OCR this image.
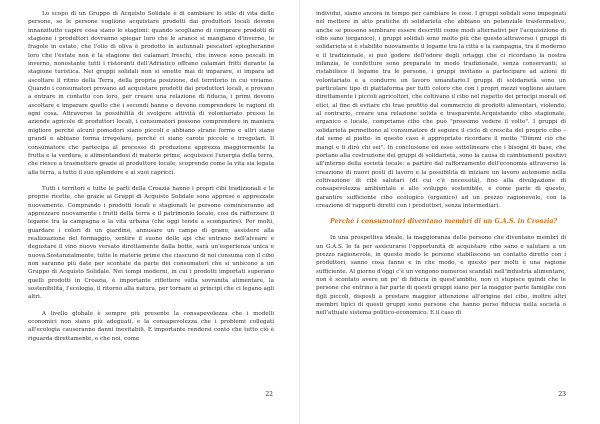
Lo scopo di un Gruppo di Acquisto Solidale è di cambiare lo stile di vita delle persone, se le persone vogliono acquistare prodotti dai produttori locali devono innanzitutto capire cosa siano le stagioni: quando scegliamo di comprare prodotti di stagione i produttori dovranno spiegar loro che le arance si mangiano d'inverno, le fragole in estate, che l'olio di oliva è prodotto in autunnali pescatori spiegheranno loro che l'estate non è la stagione dei calamari freschi, che invece sono pescati in inverno, nonostante tutti i ristoranti dell'Adriatico offrano calamari fritti durante la stagione turistica. Nei gruppi solidali non si smette mai di imparare, si impara ad ascoltare il ritmo della Terra, della propria posizione, del territorio in cui viviamo. Quando i consumatori provano ad acquistare prodotti dai produttori locali, e provano a entrare in contatto con loro, per creare una relazione di fiducia, i primi devono ascoltare e imparare quello che i secondi hanno e devono comprendere le ragioni di ogni cosa. Attraverso la possibilità di svolgere attività di volontariato presso le aziende agricole di produttori locali, i consumatori possono comprendere in maniera migliore perché alcuni pomodori siano piccoli e abbiano strane forme e altri siano grandi e abbiano forma irregolare, perché ci siano carote piccole e irregolari. Il consumatore che partecipa al processo di produzione apprezza maggiormente la frutta e la verdura, e alimentandosi di materie prime, acquisisce l'energia della terra, che riesce a trasmettere grazie al produttore locale, scoprendo come la vita sia legata alla terra, a tutto il suo splendore e ai suoi capricci.

Tutti i territori e tutte le parti della Croazia hanno i propri cibi tradizionali e le proprie ricette, che grazie ai Gruppi di Acquisto Solidale sono apprese e apprezzate nuovamente. Comprando i prodotti locali e stagionali le persone cominceranno ad apprezzare nuovamente i frutti della terra e il patrimonio locale, così da rafforzare il legame tra la campagna e la vita urbana (che oggi tende a scomparire). Per molti, guardare i colori di un giardino, annusare un campo di grano, assistere alla realizzazione del formaggio, sentire il suono delle api che entrano nell'alveare e degustare il vino nuovo versato direttamente dalla botte, sarà un'esperienza unica e nuova.Sostanzialmente, tutte le materie prime che ciascuno di noi consuma con il cibo non saranno più date per scontate da parte dei consumatori che si uniscono a un Gruppo di Acquisto Solidale. Nei tempi moderni, in cui i prodotti importati superano quelli prodotti in Croazia, è importante riflettere sulla sovranità alimentare, la sostenibilità, l'ecologia, il ritorno alla natura, per tornare ai principi che ci legano agli altri.

A livello globale è sempre più presente la consapevolezza che i modelli economici non siano più adeguati, e la consapevolezza che i problemi collegati all'ecologia causeranno danni inevitabili. È importante rendersi conto che tutto ciò è riguarda direttamente, e che noi, come

22

individui, siamo ancora in tempo per cambiare le cose. I gruppi solidali sono impegnati nel mettere in atto pratiche di solidarietà che abbiano un potenziale trasformativo, anche se possono sembrare essere descritti come modi alternativi per l'acquisizione di cibo sano (organico), i gruppi solidali sono molto più che questo:attraverso i gruppi di solidarietà si è stabilito nuovamente il legame tra la città e la campagna, tra il moderno e il tradizionale, si può godere dell'odore degli ortaggi che ci ricordano la nostra infanzia, le confetture sono preparate in modo tradizionale, senza conservanti; si ristabilisce il legame tra le persone, i gruppi invitano a partecipare ad azioni di volontariato e a condurre un lavoro umanitario.I gruppi di solidarietà sono un particolare tipo di piattaforma per tutti coloro che con i propri mezzi vogliono aiutare direttamente i piccoli agricoltori, che coltivano il cibo nel rispetto dei principi morali ed etici, al fine di evitare chi trae profitto dal commercio di prodotti alimentari, violendo, al contrario, creare una relazione solida e trasparente.Acquistando cibo stagionale, organico e locale, compriamo cibo che può "prossimo vedere il volto". I gruppi di solidarietà permettono al consumatore di seguire il ciclo di crescita del proprio cibo – dal seme al piatto- in questo caso è appropriato ricordare il motto "Dimmi ciò che mangi e ti dirò chi sei". In conclusione ed esse sottolineare che i bisogni di base, che portano alla costruzione dei gruppi di solidarietà, sono la causa di cambiamenti positivi all'interno della società locale: a partire dal rafforzamento dell'economia attraverso la creazione di nuovi posti di lavoro e la possibilità di iniziare un lavoro autonomo nella coltivazione di cibi salutari (di cui c'è necessità), fino alla divulgazione di consapevolezza ambientale e allo sviluppo sostenibile, e come parte di questo, garantire sufficiente cibo ecologico (organico) ad un prezzo ragionevole, con la creazione di rapporti diretti con i produttori, senza intermediari.

Perché i consumatori diventano membri di un G.A.S. in Croazia?

In una prospettiva ideale, la maggioranza delle persone che diventano membri di un G.A.S. lo fa per assicurarsi l'opportunità di acquistare cibo sano e salutare a un prezzo ragionevole, in questo modo le persone stabiliscono un contatto diretto con i produttori, sanno cosa fanno e in che modo, e questo per molti è una ragione sufficiente. Al giorno d'oggi c'è un vengono numerosi scandali nell'industria alimentare, non è scontato avere un po' di fiducia in quest'ambito, non ci stupisce quindi che le persone che entrino a far parte di questi gruppi siano per la maggior parte famiglie con figli piccoli, disposti a prestare maggior attenzione all'origine del cibo, inoltre altri membri tipici di questi gruppi sono persone che hanno perso fiducia nella società o nell'attuale sistema politico-economico. E il caso di

23
